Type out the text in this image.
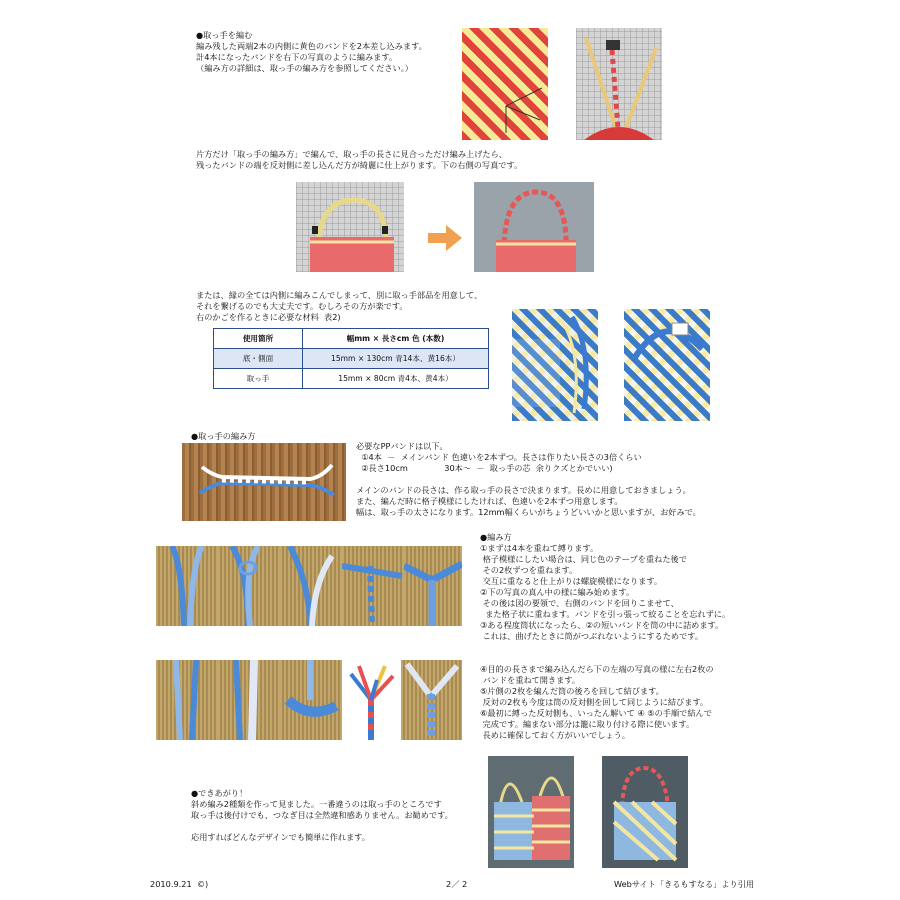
●取っ手を編む
編み残した両端2本の内側に黄色のバンドを2本差し込みます。
計4本になったバンドを右下の写真のように編みます。
（編み方の詳細は、取っ手の編み方を参照してください。）
片方だけ「取っ手の編み方」で編んで、取っ手の長さに見合っただけ編み上げたら、
残ったバンドの端を反対側に差し込んだ方が綺麗に仕上がります。下の右側の写真です。
または、縁の全ては内側に編みこんでしまって、別に取っ手部品を用意して、
それを繋げるのでも大丈夫です。むしろその方が楽です。
右のかごを作るときに必要な材料  表2)
使用箇所	幅mm × 長さcm 色 (本数)
底・側面	15mm × 130cm 青14本、黄16本）
取っ手	15mm × 80cm 青4本、黄4本）
●取っ手の編み方
必要なPPバンドは以下。
①4本  －  メインバンド 色違いを2本ずつ。長さは作りたい長さの3倍くらい
②長さ10cm              30本～  －  取っ手の芯  余りクズとかでいい)
メインのバンドの長さは、作る取っ手の長さで決まります。長めに用意しておきましょう。
また、編んだ時に格子模様にしたければ、色違いを2本ずつ用意します。
幅は、取っ手の太さになります。12mm幅くらいがちょうどいいかと思いますが、お好みで。
●編み方
①まずは4本を重ねて縛ります。
格子模様にしたい場合は、同じ色のテープを重ねた後で
その2枚ずつを重ねます。
交互に重なると仕上がりは螺旋模様になります。
②下の写真の真ん中の様に編み始めます。
その後は図の要領で、右側のバンドを回りこませて、
また格子状に重ねます。バンドを引っ張って絞ることを忘れずに。
③ある程度筒状になったら、②の短いバンドを筒の中に詰めます。
これは、曲げたときに筒がつぶれないようにするためです。
④目的の長さまで編み込んだら下の左端の写真の様に左右2枚の
バンドを重ねて開きます。
⑤片側の2枚を編んだ筒の後ろを回して結びます。
反対の2枚も今度は筒の反対側を回して同じように結びます。
⑥最初に縛った反対側も、いったん解いて ④ ⑤の手順で結んで
完成です。編まない部分は籠に取り付ける際に使います。
長めに確保しておく方がいいでしょう。
●できあがり！
斜め編み2種類を作って見ました。一番違うのは取っ手のところです
取っ手は後付けでも、つなぎ目は全然違和感ありません。お勧めです。
応用すればどんなデザインでも簡単に作れます。
2010.9.21  ©)	2／ 2	Webサイト「きるもすなる」より引用
